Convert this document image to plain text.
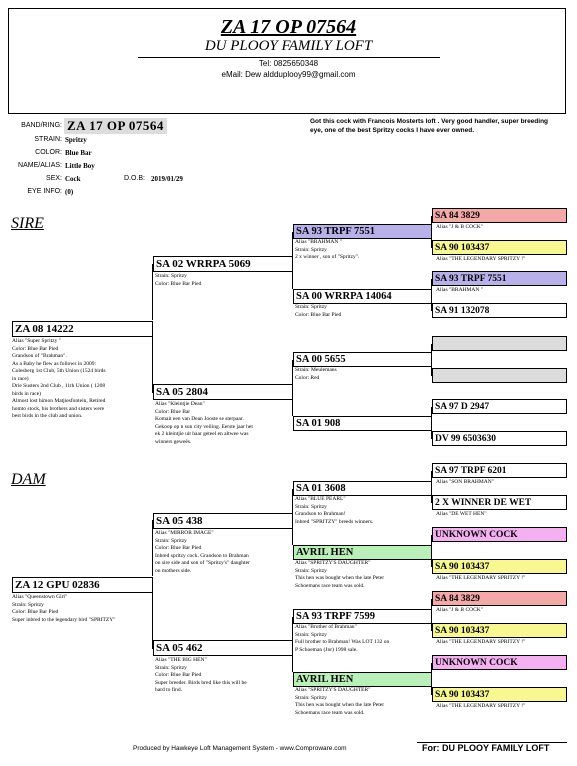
ZA 17 OP 07564
DU PLOOY FAMILY LOFT
Tel: 0825650348
eMail: Dew aldduplooy99@gmail.com
BAND/RING: ZA 17 OP 07564
STRAIN: Spritzy
COLOR: Blue Bar
NAME/ALIAS: Little Boy
SEX: Cock	D.O.B: 2019/01/29
EYE INFO: (0)
Got this cock with Francois Mosterts loft . Very good handler, super breeding eye, one of the best Spritzy cocks I have ever owned.
SIRE
DAM
ZA 08 14222
Alias "Super Spritzy "
Color: Blue Bar Pied
Grandson of "Brahman".
As a Baby he flew as follows in 2009:
Colesberg 1st Club, 5th Union (1524 birds
in race)
Drie Susters 2nd Club , 11th Union ( 1208
birds in race)
Almost lost himon Matjiesfontein, Retired
homto stock, his brothers and sisters were
best birds in the club and union.
ZA 12 GPU 02836
Alias "Queenstown Girl"
Strain: Spritzy
Color: Blue Bar Pied
Super inbred to the legendary bird "SPRITZY"
SA 02 WRRPA 5069
Strain: Spritzy
Color: Blue Bar Pied
SA 05 2804
Alias "Kleintjie Dean"
Color: Blue Bar
Komait een van Dean Jooste se sterpaar.
Gekoop op n sun city veiling. Eerste jaar het
ek 2 kleintjie uit haar geteel en altwee was
winners geweês.
SA 05 438
Alias "MIRROR IMAGE"
Strain: Spritzy
Color: Blue Bar Pied
Inbred spritzy cock. Grandson to Brahman
on sire side and son of "Spritzy's" daughter
on mothers side.
SA 05 462
Alias "THE BIG HEN"
Strain: Spritzy
Color: Blue Bar Pied
Super breeder. Birds bred like this will be
hard to find.
SA 93 TRPF 7551
Alias "BRAHMAN "
Strain: Spritzy
2 x winner , son of "Spritzy".
SA 00 WRRPA 14064
Strain: Spritzy
Color: Blue Bar Pied
SA 00 5655
Strain: Meulemans
Color: Red
SA 01 908
SA 01 3608
Alias "BLUE PEARL"
Strain: Spritzy
Grandson to Brahman!
Inbred "SPRITZY" breeds winners.
AVRIL HEN
Alias "SPRITZY'S DAUGHTER"
Strain: Spritzy
This hen was bought when the late Peter
Schoemans race team was sold.
SA 93 TRPF 7599
Alias "Brother of Brahman"
Strain: Spritzy
Full brother to Brahman! Was LOT 132 on
P Schoeman (Jnr) 1998 sale.
AVRIL HEN
Alias "SPRITZY'S DAUGHTER"
Strain: Spritzy
This hen was bought when the late Peter
Schoemans race team was sold.
SA 84 3829
Alias "J & B COCK"
SA 90 103437
Alias "THE LEGENDARY SPRITZY !"
SA 93 TRPF 7551
Alias "BRAHMAN "
SA 91 132078
SA 97 D 2947
DV 99 6503630
SA 97 TRPF 6201
Alias "SON BRAHMAN"
2 X WINNER DE WET
Alias "DE WET HEN"
UNKNOWN COCK
SA 90 103437
Alias "THE LEGENDARY SPRITZY !"
SA 84 3829
Alias "J & B COCK"
SA 90 103437
Alias "THE LEGENDARY SPRITZY !"
UNKNOWN COCK
SA 90 103437
Alias "THE LEGENDARY SPRITZY !"
Produced by Hawkeye Loft Management System - www.Comproware.com	For: DU PLOOY FAMILY LOFT
